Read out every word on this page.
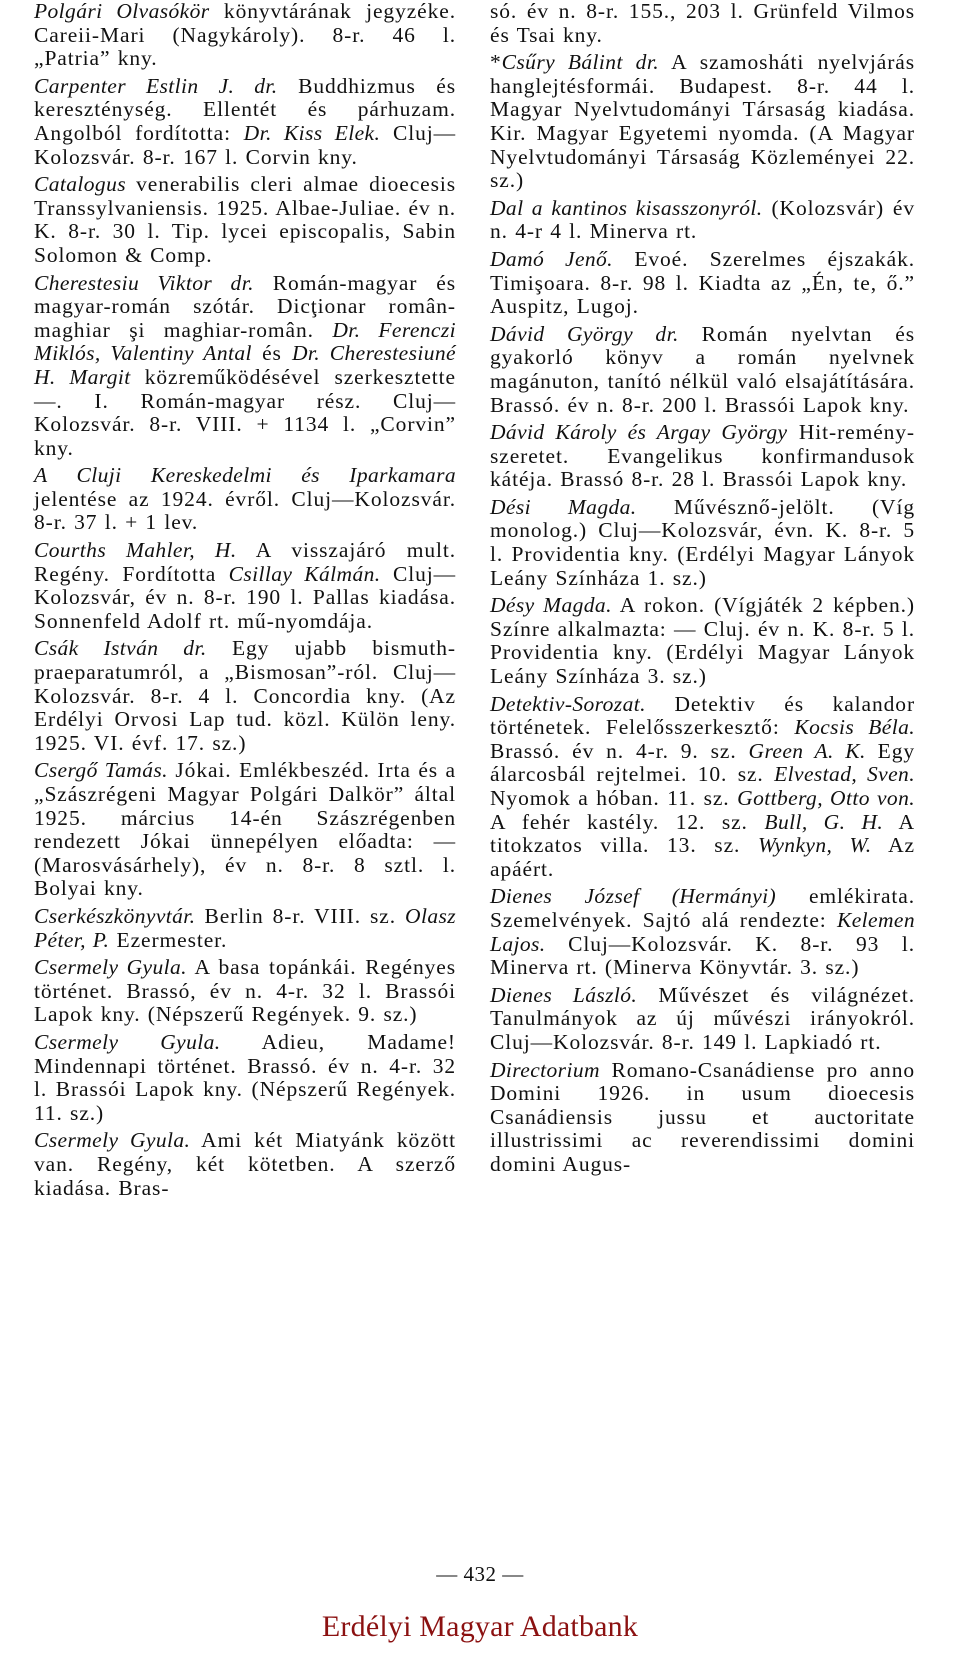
Polgári Olvasókör könyvtárának jegyzéke. Careii-Mari (Nagykároly). 8-r. 46 l. „Patria” kny.

Carpenter Estlin J. dr. Buddhizmus és kereszténység. Ellentét és párhuzam. Angolból fordította: Dr. Kiss Elek. Cluj—Kolozsvár. 8-r. 167 l. Corvin kny.

Catalogus venerabilis cleri almae dioecesis Transsylvaniensis. 1925. Albae-Juliae. év n. K. 8-r. 30 l. Tip. lycei episcopalis, Sabin Solomon & Comp.

Cherestesiu Viktor dr. Román-magyar és magyar-román szótár. Dicţionar român-maghiar şi maghiar-român. Dr. Ferenczi Miklós, Valentiny Antal és Dr. Cherestesiuné H. Margit közreműködésével szerkesztette —. I. Román-magyar rész. Cluj—Kolozsvár. 8-r. VIII. + 1134 l. „Corvin” kny.

A Cluji Kereskedelmi és Iparkamara jelentése az 1924. évről. Cluj—Kolozsvár. 8-r. 37 l. + 1 lev.

Courths Mahler, H. A visszajáró mult. Regény. Fordította Csillay Kálmán. Cluj—Kolozsvár, év n. 8-r. 190 l. Pallas kiadása. Sonnenfeld Adolf rt. mű-nyomdája.

Csák István dr. Egy ujabb bismuth-praeparatumról, a „Bismosan”-ról. Cluj—Kolozsvár. 8-r. 4 l. Concordia kny. (Az Erdélyi Orvosi Lap tud. közl. Külön leny. 1925. VI. évf. 17. sz.)

Csergő Tamás. Jókai. Emlékbeszéd. Irta és a „Szászrégeni Magyar Polgári Dalkör” által 1925. március 14-én Szászrégenben rendezett Jókai ünnepélyen előadta: — (Marosvásárhely), év n. 8-r. 8 sztl. l. Bolyai kny.

Cserkészkönyvtár. Berlin 8-r. VIII. sz. Olasz Péter, P. Ezermester.

Csermely Gyula. A basa topánkái. Regényes történet. Brassó, év n. 4-r. 32 l. Brassói Lapok kny. (Népszerű Regények. 9. sz.)

Csermely Gyula. Adieu, Madame! Mindennapi történet. Brassó. év n. 4-r. 32 l. Brassói Lapok kny. (Népszerű Regények. 11. sz.)

Csermely Gyula. Ami két Miatyánk között van. Regény, két kötetben. A szerző kiadása. Bras-

só. év n. 8-r. 155., 203 l. Grünfeld Vilmos és Tsai kny.

*Csűry Bálint dr. A szamosháti nyelvjárás hanglejtésformái. Budapest. 8-r. 44 l. Magyar Nyelvtudományi Társaság kiadása. Kir. Magyar Egyetemi nyomda. (A Magyar Nyelvtudományi Társaság Közleményei 22. sz.)

Dal a kantinos kisasszonyról. (Kolozsvár) év n. 4-r 4 l. Minerva rt.

Damó Jenő. Evoé. Szerelmes éjszakák. Timişoara. 8-r. 98 l. Kiadta az „Én, te, ő.” Auspitz, Lugoj.

Dávid György dr. Román nyelvtan és gyakorló könyv a román nyelvnek magánuton, tanító nélkül való elsajátítására. Brassó. év n. 8-r. 200 l. Brassói Lapok kny.

Dávid Károly és Argay György Hit-remény-szeretet. Evangelikus konfirmandusok kátéja. Brassó 8-r. 28 l. Brassói Lapok kny.

Dési Magda. Művésznő-jelölt. (Víg monolog.) Cluj—Kolozsvár, évn. K. 8-r. 5 l. Providentia kny. (Erdélyi Magyar Lányok Leány Színháza 1. sz.)

Désy Magda. A rokon. (Vígjáték 2 képben.) Színre alkalmazta: — Cluj. év n. K. 8-r. 5 l. Providentia kny. (Erdélyi Magyar Lányok Leány Színháza 3. sz.)

Detektiv-Sorozat. Detektiv és kalandor történetek. Felelősszerkesztő: Kocsis Béla. Brassó. év n. 4-r. 9. sz. Green A. K. Egy álarcosbál rejtelmei. 10. sz. Elvestad, Sven. Nyomok a hóban. 11. sz. Gottberg, Otto von. A fehér kastély. 12. sz. Bull, G. H. A titokzatos villa. 13. sz. Wynkyn, W. Az apáért.

Dienes József (Hermányi) emlékirata. Szemelvények. Sajtó alá rendezte: Kelemen Lajos. Cluj—Kolozsvár. K. 8-r. 93 l. Minerva rt. (Minerva Könyvtár. 3. sz.)

Dienes László. Művészet és világnézet. Tanulmányok az új művészi irányokról. Cluj—Kolozsvár. 8-r. 149 l. Lapkiadó rt.

Directorium Romano-Csanádiense pro anno Domini 1926. in usum dioecesis Csanádiensis jussu et auctoritate illustrissimi ac reverendissimi domini domini Augus-

— 432 —
Erdélyi Magyar Adatbank
